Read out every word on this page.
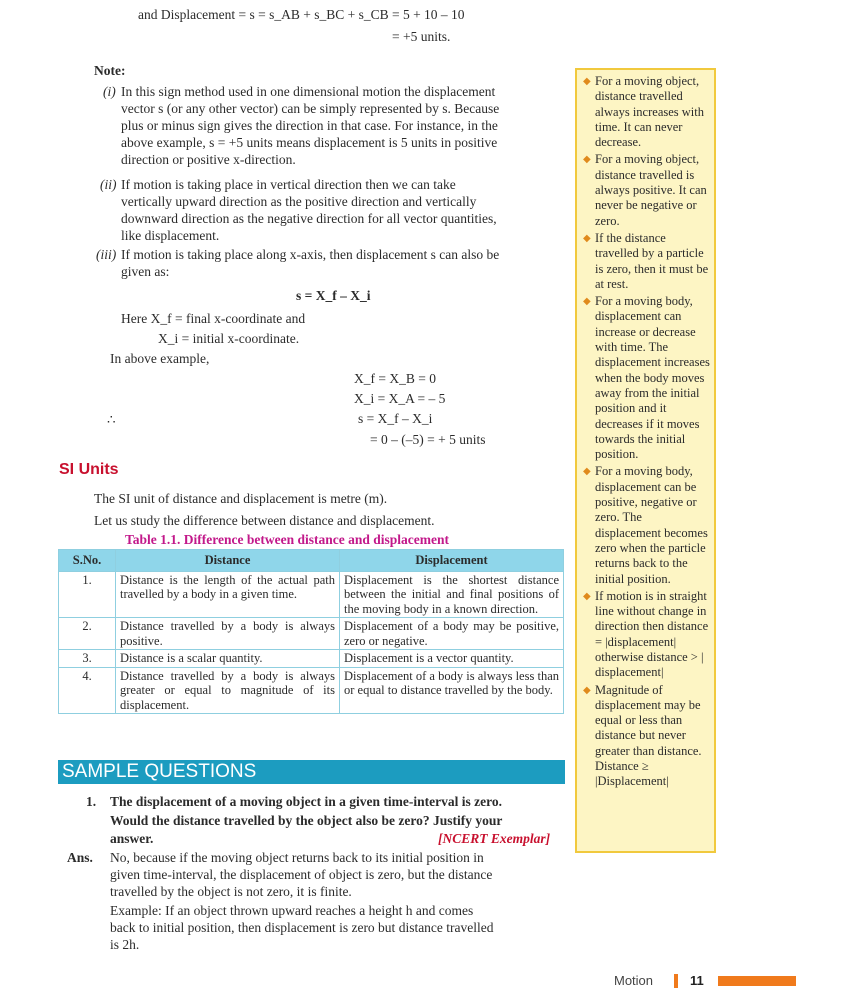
and Displacement = s = s_AB + s_BC + s_CB = 5 + 10 – 10
= +5 units.
Note:
(i) In this sign method used in one dimensional motion the displacement
vector s (or any other vector) can be simply represented by s. Because
plus or minus sign gives the direction in that case. For instance, in the
above example, s = +5 units means displacement is 5 units in positive
direction or positive x-direction.
(ii) If motion is taking place in vertical direction then we can take
vertically upward direction as the positive direction and vertically
downward direction as the negative direction for all vector quantities,
like displacement.
(iii) If motion is taking place along x-axis, then displacement s can also be
given as:
s = X_f – X_i
Here X_f = final x-coordinate and
X_i = initial x-coordinate.
In above example,
X_f = X_B = 0
X_i = X_A = – 5
∴	s = X_f – X_i
= 0 – (–5) = + 5 units
SI Units
The SI unit of distance and displacement is metre (m).
Let us study the difference between distance and displacement.
Table 1.1. Difference between distance and displacement
S.No.	Distance	Displacement
1.	Distance is the length of the actual path travelled by a body in a given time.	Displacement is the shortest distance between the initial and final positions of the moving body in a known direction.
2.	Distance travelled by a body is always positive.	Displacement of a body may be positive, zero or negative.
3.	Distance is a scalar quantity.	Displacement is a vector quantity.
4.	Distance travelled by a body is always greater or equal to magnitude of its displacement.	Displacement of a body is always less than or equal to distance travelled by the body.
SAMPLE QUESTIONS
1. The displacement of a moving object in a given time-interval is zero.
Would the distance travelled by the object also be zero? Justify your
answer.	[NCERT Exemplar]
Ans. No, because if the moving object returns back to its initial position in
given time-interval, the displacement of object is zero, but the distance
travelled by the object is not zero, it is finite.
Example: If an object thrown upward reaches a height h and comes
back to initial position, then displacement is zero but distance travelled
is 2h.
◆ For a moving object, distance travelled always increases with time. It can never decrease.
◆ For a moving object, distance travelled is always positive. It can never be negative or zero.
◆ If the distance travelled by a particle is zero, then it must be at rest.
◆ For a moving body, displacement can increase or decrease with time. The displacement increases when the body moves away from the initial position and it decreases if it moves towards the initial position.
◆ For a moving body, displacement can be positive, negative or zero. The displacement becomes zero when the particle returns back to the initial position.
◆ If motion is in straight line without change in direction then distance = |displacement| otherwise distance > | displacement|
◆ Magnitude of displacement may be equal or less than distance but never greater than distance. Distance ≥ |Displacement|
Motion	11
